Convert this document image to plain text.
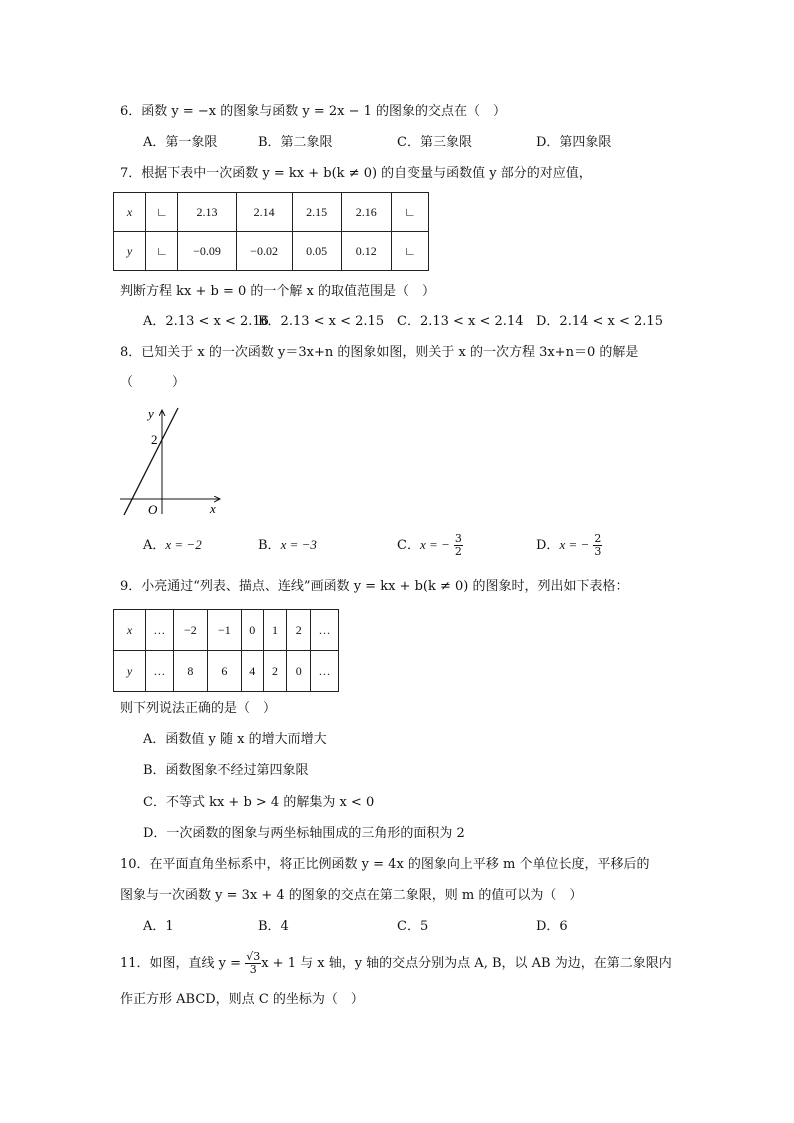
6．函数 y = −x 的图象与函数 y = 2x − 1 的图象的交点在（　）
A．第一象限	B．第二象限	C．第三象限	D．第四象限
7．根据下表中一次函数 y = kx + b(k ≠ 0) 的自变量与函数值 y 部分的对应值，
x	∟	2.13	2.14	2.15	2.16	∟
y	∟	−0.09	−0.02	0.05	0.12	∟
判断方程 kx + b = 0 的一个解 x 的取值范围是（　）
A．2.13 < x < 2.16
B．2.13 < x < 2.15 C．2.13 < x < 2.14 D．2.14 < x < 2.15
8．已知关于 x 的一次函数 y＝3x+n 的图象如图，则关于 x 的一次方程 3x+n＝0 的解是
（　　　）
y
x
O
2
A．x = −2	B．x = −3	C．x = − $\frac{3}{2}$	D．x = − $\frac{2}{3}$
9．小亮通过“列表、描点、连线”画函数 y = kx + b(k ≠ 0) 的图象时，列出如下表格：
x	…	−2	−1	0	1	2	…
y	…	8	6	4	2	0	…
则下列说法正确的是（　）
A．函数值 y 随 x 的增大而增大
B．函数图象不经过第四象限
C．不等式 kx + b > 4 的解集为 x < 0
D．一次函数的图象与两坐标轴围成的三角形的面积为 2
10．在平面直角坐标系中，将正比例函数 y = 4x 的图象向上平移 m 个单位长度，平移后的
图象与一次函数 y = 3x + 4 的图象的交点在第二象限，则 m 的值可以为（　）
A．1	B．4	C．5	D．6
11．如图，直线 $y = \frac{√3}{3}$ x + 1 与 x 轴，y 轴的交点分别为点 A, B，以 AB 为边，在第二象限内
作正方形 ABCD，则点 C 的坐标为（　）
